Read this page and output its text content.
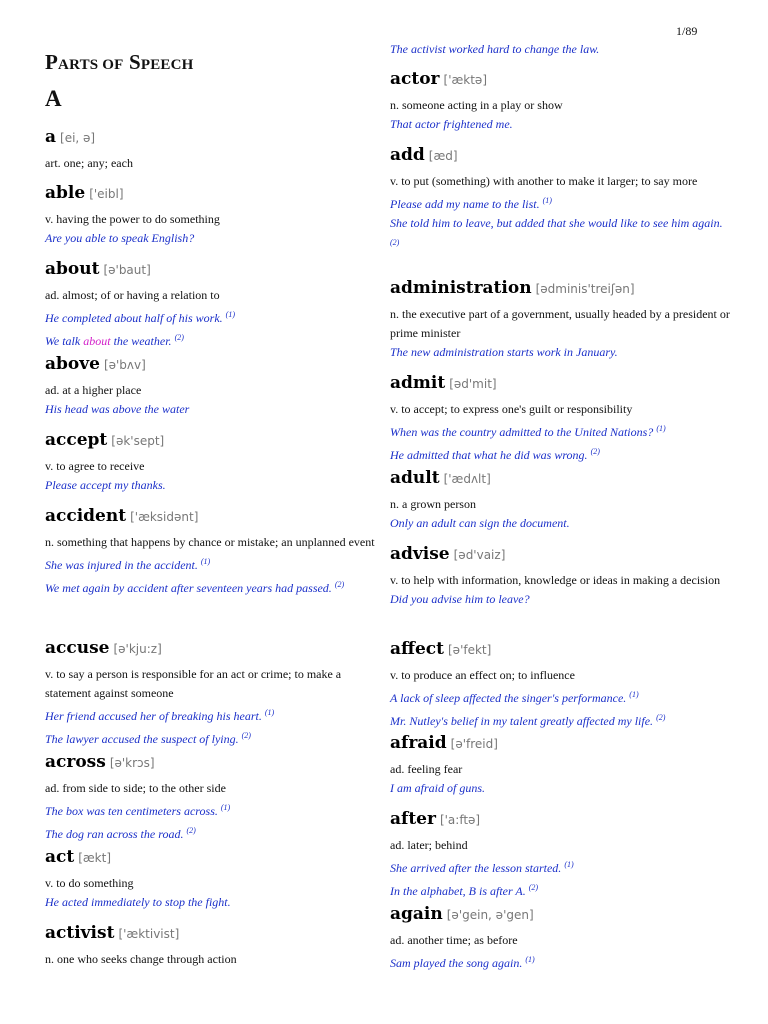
1/89
PARTS OF SPEECH
A
a [ei, ə]
art. one; any; each
able ['eibl]
v. having the power to do something
Are you able to speak English?
about [ə'baut]
ad. almost; of or having a relation to
He completed about half of his work. $^{(1)}$
We talk about the weather. $^{(2)}$
above [ə'bʌv]
ad. at a higher place
His head was above the water
accept [ək'sept]
v. to agree to receive
Please accept my thanks.
accident ['æksidənt]
n. something that happens by chance or mistake; an unplanned event
She was injured in the accident. $^{(1)}$
We met again by accident after seventeen years had passed. $^{(2)}$
accuse [ə'kju:z]
v. to say a person is responsible for an act or crime; to make a statement against someone
Her friend accused her of breaking his heart. $^{(1)}$
The lawyer accused the suspect of lying. $^{(2)}$
across [ə'krɔs]
ad. from side to side; to the other side
The box was ten centimeters across. $^{(1)}$
The dog ran across the road. $^{(2)}$
act [ækt]
v. to do something
He acted immediately to stop the fight.
activist ['æktivist]
n. one who seeks change through action
The activist worked hard to change the law.
actor ['æktə]
n. someone acting in a play or show
That actor frightened me.
add [æd]
v. to put (something) with another to make it larger; to say more
Please add my name to the list. $^{(1)}$
She told him to leave, but added that she would like to see him again. $^{(2)}$
administration [ədminis'treiʃən]
n. the executive part of a government, usually headed by a president or prime minister
The new administration starts work in January.
admit [əd'mit]
v. to accept; to express one's guilt or responsibility
When was the country admitted to the United Nations? $^{(1)}$
He admitted that what he did was wrong. $^{(2)}$
adult ['ædʌlt]
n. a grown person
Only an adult can sign the document.
advise [əd'vaiz]
v. to help with information, knowledge or ideas in making a decision
Did you advise him to leave?
affect [ə'fekt]
v. to produce an effect on; to influence
A lack of sleep affected the singer's performance. $^{(1)}$
Mr. Nutley's belief in my talent greatly affected my life. $^{(2)}$
afraid [ə'freid]
ad. feeling fear
I am afraid of guns.
after ['a:ftə]
ad. later; behind
She arrived after the lesson started. $^{(1)}$
In the alphabet, B is after A. $^{(2)}$
again [ə'gein, ə'gen]
ad. another time; as before
Sam played the song again. $^{(1)}$
